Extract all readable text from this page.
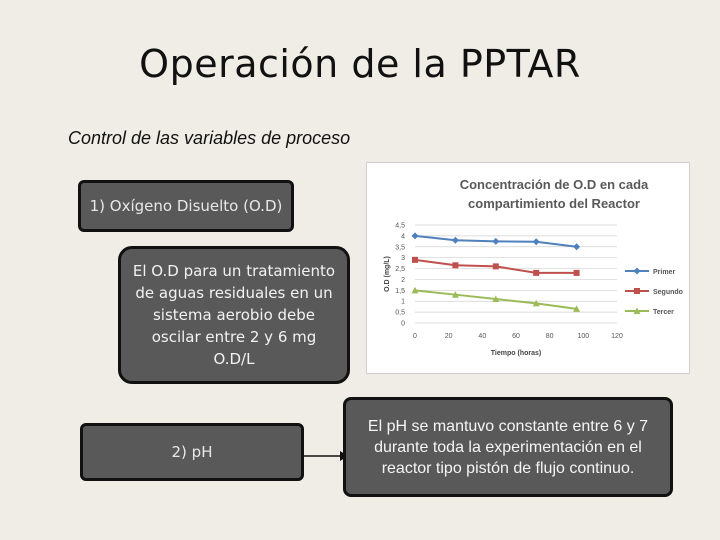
Operación de la PPTAR
Control de las variables de proceso
1) Oxígeno Disuelto (O.D)
El O.D para un tratamiento de aguas residuales en un sistema aerobio debe oscilar entre 2 y 6 mg O.D/L
2) pH
El pH se mantuvo constante entre 6 y 7 durante toda la experimentación en el reactor tipo pistón de flujo continuo.
Concentración de O.D en cada
compartimiento del Reactor
0
0,5
1
1,5
2
2,5
3
3,5
4
4,5
0	20	40	60	80	100	120
Tiempo (horas)
O.D (mg/L)	Primer
Segundo
Tercer
